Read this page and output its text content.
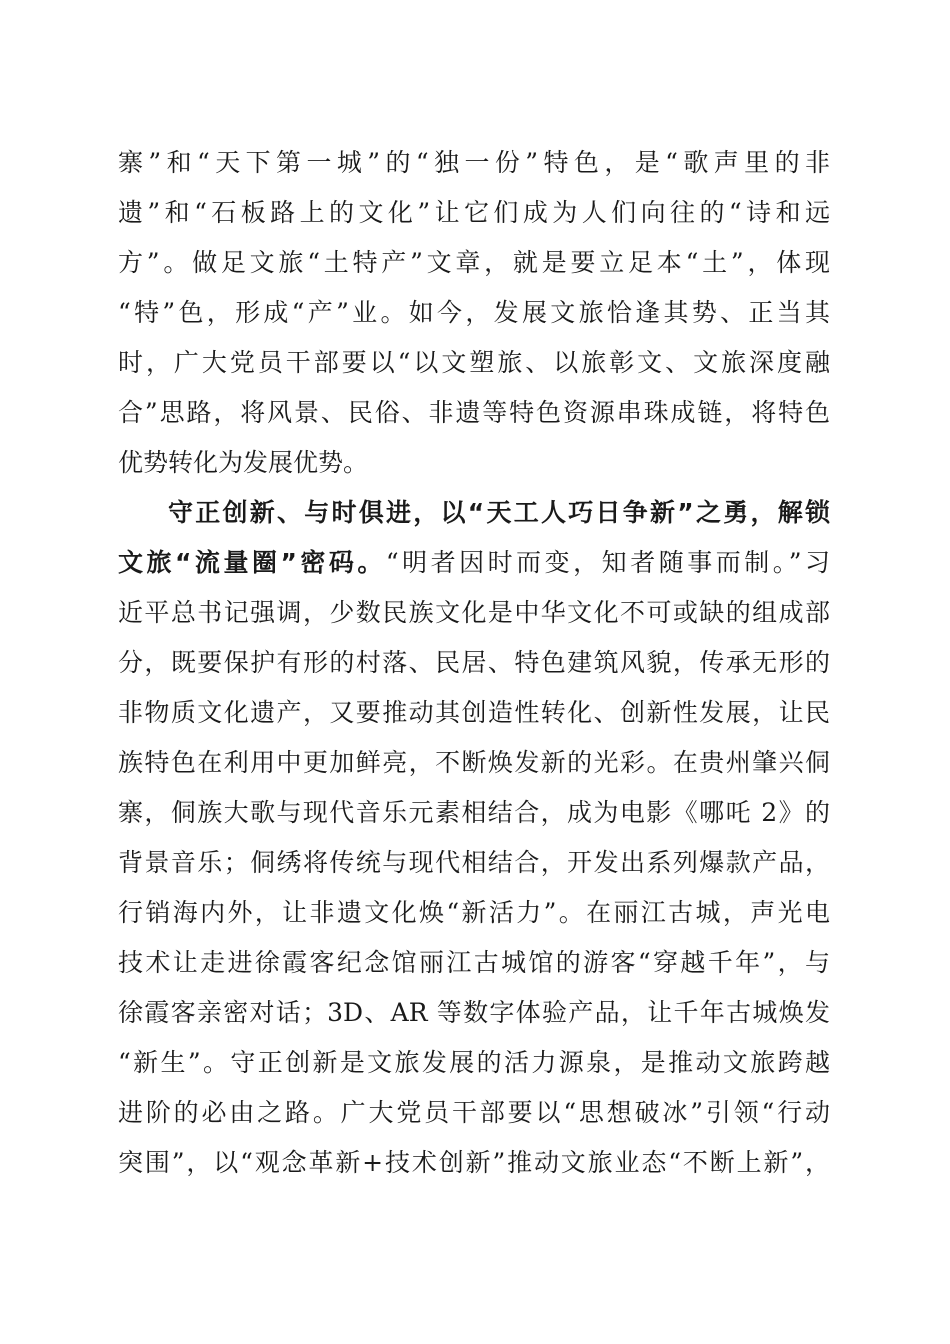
寨”和“天下第一城”的“独一份”特色，是“歌声里的非
遗”和“石板路上的文化”让它们成为人们向往的“诗和远
方”。做足文旅“土特产”文章，就是要立足本“土”，体现
“特”色，形成“产”业。如今，发展文旅恰逢其势、正当其
时，广大党员干部要以“以文塑旅、以旅彰文、文旅深度融
合”思路，将风景、民俗、非遗等特色资源串珠成链，将特色
优势转化为发展优势。
守正创新、与时俱进，以“天工人巧日争新”之勇，解锁
文旅“流量圈”密码。“明者因时而变，知者随事而制。”习
近平总书记强调，少数民族文化是中华文化不可或缺的组成部
分，既要保护有形的村落、民居、特色建筑风貌，传承无形的
非物质文化遗产，又要推动其创造性转化、创新性发展，让民
族特色在利用中更加鲜亮，不断焕发新的光彩。在贵州肇兴侗
寨，侗族大歌与现代音乐元素相结合，成为电影《哪吒 2》的
背景音乐；侗绣将传统与现代相结合，开发出系列爆款产品，
行销海内外，让非遗文化焕“新活力”。在丽江古城，声光电
技术让走进徐霞客纪念馆丽江古城馆的游客“穿越千年”，与
徐霞客亲密对话；3D、AR 等数字体验产品，让千年古城焕发
“新生”。守正创新是文旅发展的活力源泉，是推动文旅跨越
进阶的必由之路。广大党员干部要以“思想破冰”引领“行动
突围”，以“观念革新+技术创新”推动文旅业态“不断上新”，
